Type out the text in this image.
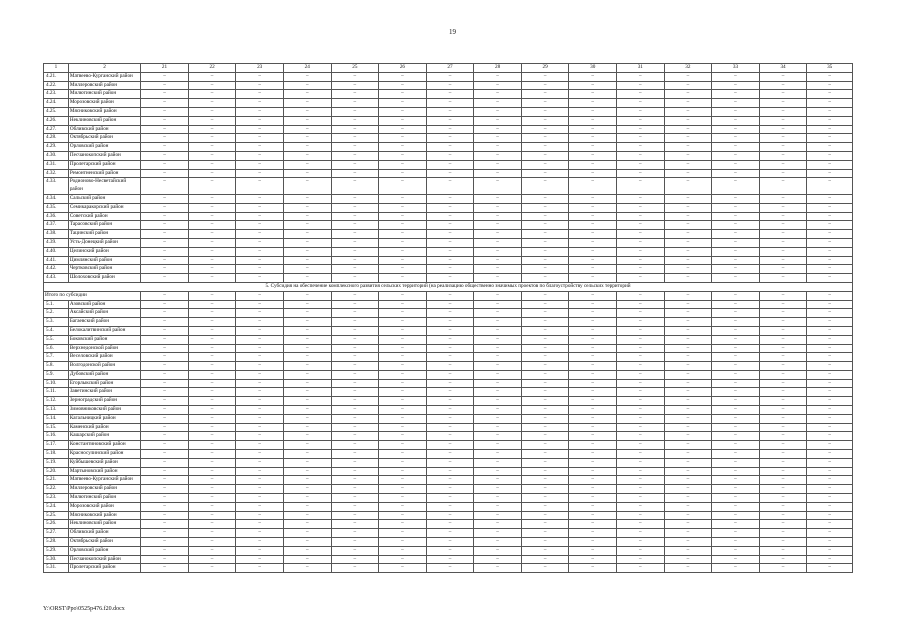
19
1	2	21	22	23	24	25	26	27	28	29	30	31	32	33	34	35
4.21.	Матвеево-Курганский район	–	–	–	–	–	–	–	–	–	–	–	–	–	–	–
4.22.	Миллеровский район	–	–	–	–	–	–	–	–	–	–	–	–	–	–	–
4.23.	Милютинский район	–	–	–	–	–	–	–	–	–	–	–	–	–	–	–
4.24.	Морозовский район	–	–	–	–	–	–	–	–	–	–	–	–	–	–	–
4.25.	Мясниковский район	–	–	–	–	–	–	–	–	–	–	–	–	–	–	–
4.26.	Неклиновский район	–	–	–	–	–	–	–	–	–	–	–	–	–	–	–
4.27.	Обливский район	–	–	–	–	–	–	–	–	–	–	–	–	–	–	–
4.28.	Октябрьский район	–	–	–	–	–	–	–	–	–	–	–	–	–	–	–
4.29.	Орловский район	–	–	–	–	–	–	–	–	–	–	–	–	–	–	–
4.30.	Песчанокопский район	–	–	–	–	–	–	–	–	–	–	–	–	–	–	–
4.31.	Пролетарский район	–	–	–	–	–	–	–	–	–	–	–	–	–	–	–
4.32.	Ремонтненский район	–	–	–	–	–	–	–	–	–	–	–	–	–	–	–
4.33.	Родионово-Несветайский район	–	–	–	–	–	–	–	–	–	–	–	–	–	–	–
4.34.	Сальский район	–	–	–	–	–	–	–	–	–	–	–	–	–	–	–
4.35.	Семикаракорский район	–	–	–	–	–	–	–	–	–	–	–	–	–	–	–
4.36.	Советский район	–	–	–	–	–	–	–	–	–	–	–	–	–	–	–
4.37.	Тарасовский район	–	–	–	–	–	–	–	–	–	–	–	–	–	–	–
4.38.	Тацинский район	–	–	–	–	–	–	–	–	–	–	–	–	–	–	–
4.39.	Усть-Донецкий район	–	–	–	–	–	–	–	–	–	–	–	–	–	–	–
4.40.	Целинский район	–	–	–	–	–	–	–	–	–	–	–	–	–	–	–
4.41.	Цимлянский район	–	–	–	–	–	–	–	–	–	–	–	–	–	–	–
4.42.	Чертковский район	–	–	–	–	–	–	–	–	–	–	–	–	–	–	–
4.43.	Шолоховский район	–	–	–	–	–	–	–	–	–	–	–	–	–	–	–
5. Субсидия на обеспечение комплексного развития сельских территорий (на реализацию общественно значимых проектов по благоустройству сельских территорий																
Итого по субсидии		–	–	–	–	–	–	–	–	–	–	–	–	–	–	–
5.1.	Азовский район	–	–	–	–	–	–	–	–	–	–	–	–	–	–	–
5.2.	Аксайский район	–	–	–	–	–	–	–	–	–	–	–	–	–	–	–
5.3.	Багаевский район	–	–	–	–	–	–	–	–	–	–	–	–	–	–	–
5.4.	Белокалитвинский район	–	–	–	–	–	–	–	–	–	–	–	–	–	–	–
5.5.	Боковский район	–	–	–	–	–	–	–	–	–	–	–	–	–	–	–
5.6.	Верхнедонской район	–	–	–	–	–	–	–	–	–	–	–	–	–	–	–
5.7.	Веселовский район	–	–	–	–	–	–	–	–	–	–	–	–	–	–	–
5.8.	Волгодонской район	–	–	–	–	–	–	–	–	–	–	–	–	–	–	–
5.9.	Дубовский район	–	–	–	–	–	–	–	–	–	–	–	–	–	–	–
5.10.	Егорлыкский район	–	–	–	–	–	–	–	–	–	–	–	–	–	–	–
5.11.	Заветинский район	–	–	–	–	–	–	–	–	–	–	–	–	–	–	–
5.12.	Зерноградский район	–	–	–	–	–	–	–	–	–	–	–	–	–	–	–
5.13.	Зимовниковский район	–	–	–	–	–	–	–	–	–	–	–	–	–	–	–
5.14.	Кагальницкий район	–	–	–	–	–	–	–	–	–	–	–	–	–	–	–
5.15.	Каменский район	–	–	–	–	–	–	–	–	–	–	–	–	–	–	–
5.16.	Кашарский район	–	–	–	–	–	–	–	–	–	–	–	–	–	–	–
5.17.	Константиновский район	–	–	–	–	–	–	–	–	–	–	–	–	–	–	–
5.18.	Красносулинский район	–	–	–	–	–	–	–	–	–	–	–	–	–	–	–
5.19.	Куйбышевский район	–	–	–	–	–	–	–	–	–	–	–	–	–	–	–
5.20.	Мартыновский район	–	–	–	–	–	–	–	–	–	–	–	–	–	–	–
5.21.	Матвеево-Курганский район	–	–	–	–	–	–	–	–	–	–	–	–	–	–	–
5.22.	Миллеровский район	–	–	–	–	–	–	–	–	–	–	–	–	–	–	–
5.23.	Милютинский район	–	–	–	–	–	–	–	–	–	–	–	–	–	–	–
5.24.	Морозовский район	–	–	–	–	–	–	–	–	–	–	–	–	–	–	–
5.25.	Мясниковский район	–	–	–	–	–	–	–	–	–	–	–	–	–	–	–
5.26.	Неклиновский район	–	–	–	–	–	–	–	–	–	–	–	–	–	–	–
5.27.	Обливский район	–	–	–	–	–	–	–	–	–	–	–	–	–	–	–
5.28.	Октябрьский район	–	–	–	–	–	–	–	–	–	–	–	–	–	–	–
5.29.	Орловский район	–	–	–	–	–	–	–	–	–	–	–	–	–	–	–
5.30.	Песчанокопский район	–	–	–	–	–	–	–	–	–	–	–	–	–	–	–
5.31.	Пролетарский район	–	–	–	–	–	–	–	–	–	–	–	–	–	–	–
Y:\ORST\Ppo\0525p476.f20.docx
